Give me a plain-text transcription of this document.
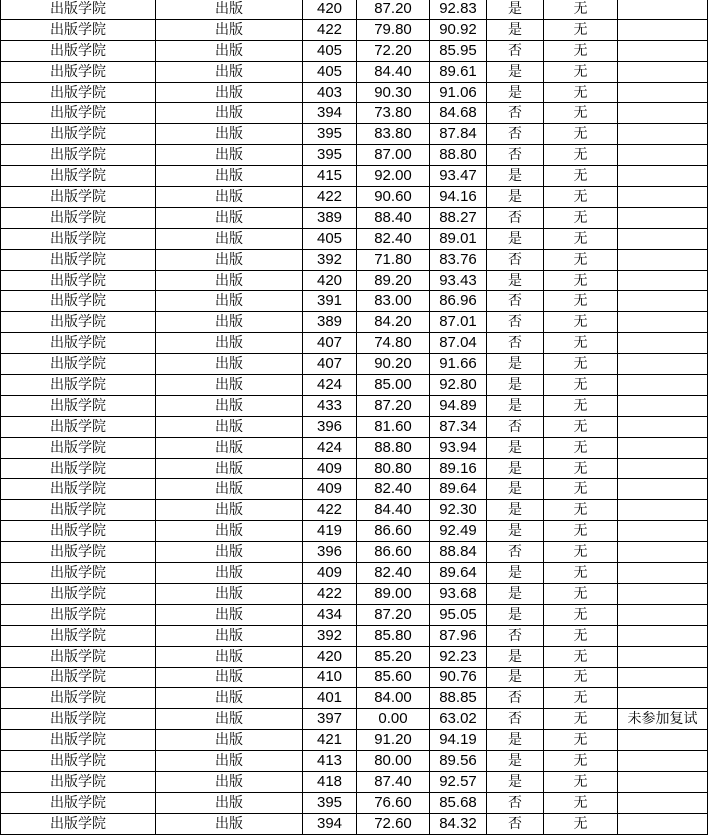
出版学院	出版	420	87.20	92.83	是	无	
出版学院	出版	422	79.80	90.92	是	无	
出版学院	出版	405	72.20	85.95	否	无	
出版学院	出版	405	84.40	89.61	是	无	
出版学院	出版	403	90.30	91.06	是	无	
出版学院	出版	394	73.80	84.68	否	无	
出版学院	出版	395	83.80	87.84	否	无	
出版学院	出版	395	87.00	88.80	否	无	
出版学院	出版	415	92.00	93.47	是	无	
出版学院	出版	422	90.60	94.16	是	无	
出版学院	出版	389	88.40	88.27	否	无	
出版学院	出版	405	82.40	89.01	是	无	
出版学院	出版	392	71.80	83.76	否	无	
出版学院	出版	420	89.20	93.43	是	无	
出版学院	出版	391	83.00	86.96	否	无	
出版学院	出版	389	84.20	87.01	否	无	
出版学院	出版	407	74.80	87.04	否	无	
出版学院	出版	407	90.20	91.66	是	无	
出版学院	出版	424	85.00	92.80	是	无	
出版学院	出版	433	87.20	94.89	是	无	
出版学院	出版	396	81.60	87.34	否	无	
出版学院	出版	424	88.80	93.94	是	无	
出版学院	出版	409	80.80	89.16	是	无	
出版学院	出版	409	82.40	89.64	是	无	
出版学院	出版	422	84.40	92.30	是	无	
出版学院	出版	419	86.60	92.49	是	无	
出版学院	出版	396	86.60	88.84	否	无	
出版学院	出版	409	82.40	89.64	是	无	
出版学院	出版	422	89.00	93.68	是	无	
出版学院	出版	434	87.20	95.05	是	无	
出版学院	出版	392	85.80	87.96	否	无	
出版学院	出版	420	85.20	92.23	是	无	
出版学院	出版	410	85.60	90.76	是	无	
出版学院	出版	401	84.00	88.85	否	无	
出版学院	出版	397	0.00	63.02	否	无	未参加复试
出版学院	出版	421	91.20	94.19	是	无	
出版学院	出版	413	80.00	89.56	是	无	
出版学院	出版	418	87.40	92.57	是	无	
出版学院	出版	395	76.60	85.68	否	无	
出版学院	出版	394	72.60	84.32	否	无	
